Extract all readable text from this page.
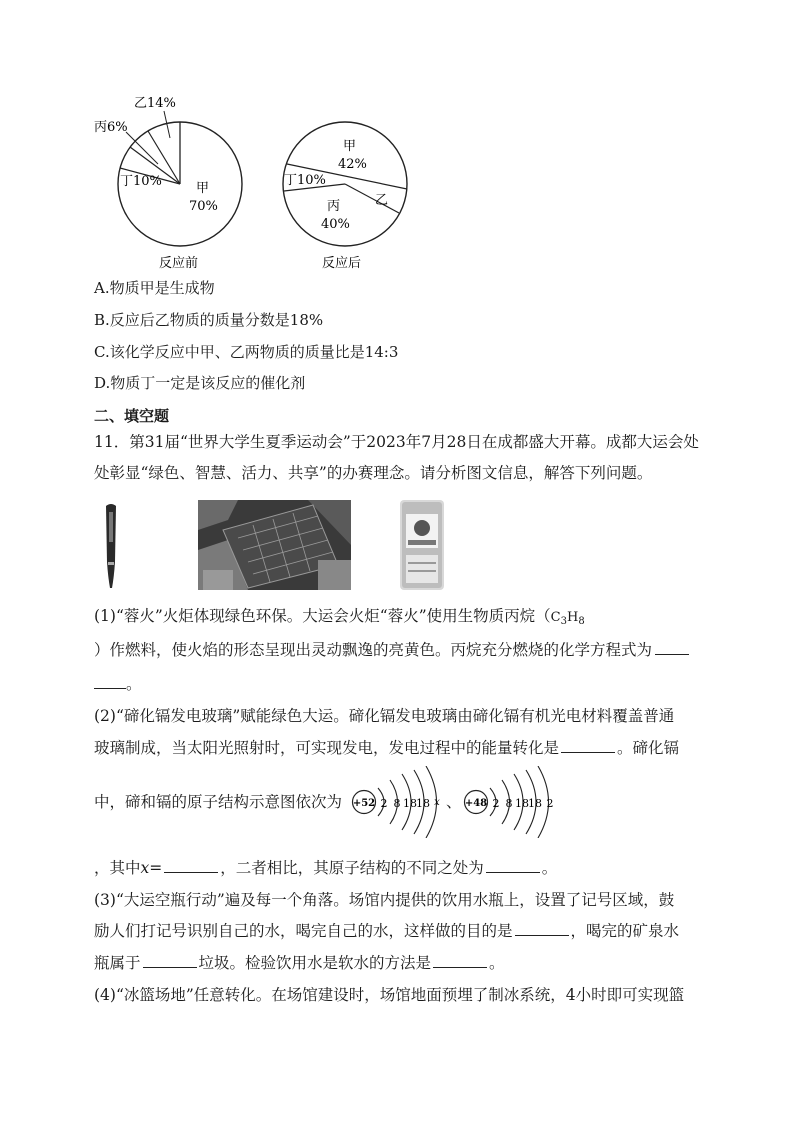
乙14%
丙6%
丁10%	甲
70%
反应前
甲
42%
丁10%
乙
丙
40%
反应后
A.物质甲是生成物
B.反应后乙物质的质量分数是18%
C.该化学反应中甲、乙两物质的质量比是14:3
D.物质丁一定是该反应的催化剂
二、填空题
11．第31届“世界大学生夏季运动会”于2023年7月28日在成都盛大开幕。成都大运会处
处彰显“绿色、智慧、活力、共享”的办赛理念。请分析图文信息，解答下列问题。
(1)“蓉火”火炬体现绿色环保。大运会火炬“蓉火”使用生物质丙烷（$C_3H_8$
）作燃料，使火焰的形态呈现出灵动飘逸的亮黄色。丙烷充分燃烧的化学方程式为
。
(2)“碲化镉发电玻璃”赋能绿色大运。碲化镉发电玻璃由碲化镉有机光电材料覆盖普通
玻璃制成，当太阳光照射时，可实现发电，发电过程中的能量转化是	。碲化镉
中，碲和镉的原子结构示意图依次为 +52 2 8 18 18 x 、 +48 2 8 18 18 2
，其中x=	，二者相比，其原子结构的不同之处为	。
(3)“大运空瓶行动”遍及每一个角落。场馆内提供的饮用水瓶上，设置了记号区域，鼓
励人们打记号识别自己的水，喝完自己的水，这样做的目的是	，喝完的矿泉水
瓶属于	垃圾。检验饮用水是软水的方法是	。
(4)“冰篮场地”任意转化。在场馆建设时，场馆地面预埋了制冰系统，4小时即可实现篮
